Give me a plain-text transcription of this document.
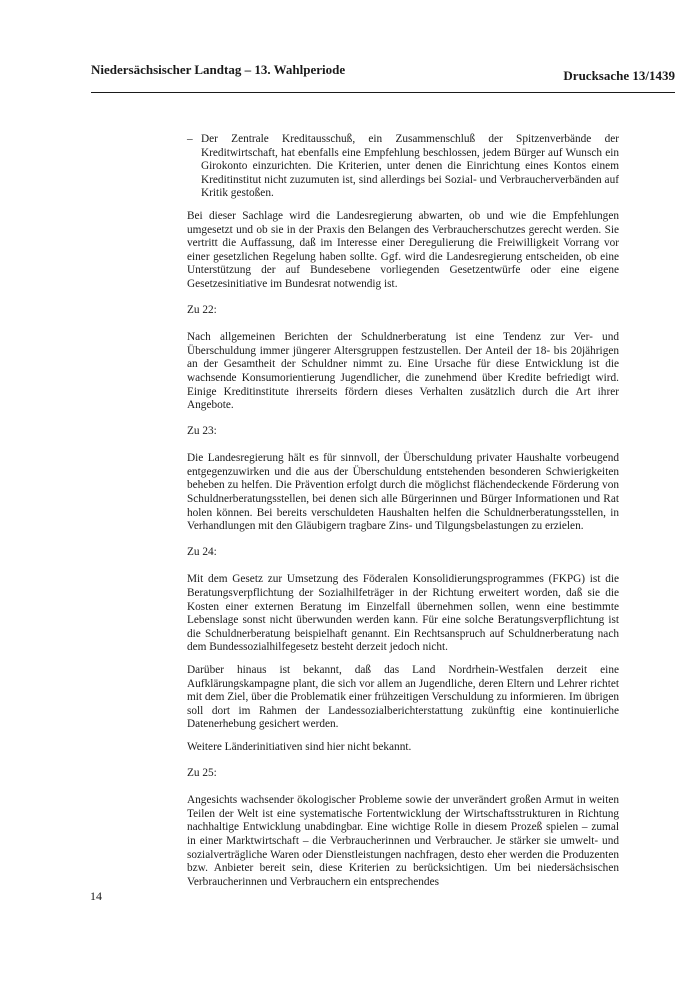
Niedersächsischer Landtag – 13. Wahlperiode	Drucksache 13/1439
– Der Zentrale Kreditausschuß, ein Zusammenschluß der Spitzenverbände der Kreditwirtschaft, hat ebenfalls eine Empfehlung beschlossen, jedem Bürger auf Wunsch ein Girokonto einzurichten. Die Kriterien, unter denen die Einrichtung eines Kontos einem Kreditinstitut nicht zuzumuten ist, sind allerdings bei Sozial- und Verbraucherverbänden auf Kritik gestoßen.

Bei dieser Sachlage wird die Landesregierung abwarten, ob und wie die Empfehlungen umgesetzt und ob sie in der Praxis den Belangen des Verbraucherschutzes gerecht werden. Sie vertritt die Auffassung, daß im Interesse einer Deregulierung die Freiwilligkeit Vorrang vor einer gesetzlichen Regelung haben sollte. Ggf. wird die Landesregierung entscheiden, ob eine Unterstützung der auf Bundesebene vorliegenden Gesetzentwürfe oder eine eigene Gesetzesinitiative im Bundesrat notwendig ist.

Zu 22:

Nach allgemeinen Berichten der Schuldnerberatung ist eine Tendenz zur Ver- und Überschuldung immer jüngerer Altersgruppen festzustellen. Der Anteil der 18- bis 20jährigen an der Gesamtheit der Schuldner nimmt zu. Eine Ursache für diese Entwicklung ist die wachsende Konsumorientierung Jugendlicher, die zunehmend über Kredite befriedigt wird. Einige Kreditinstitute ihrerseits fördern dieses Verhalten zusätzlich durch die Art ihrer Angebote.

Zu 23:

Die Landesregierung hält es für sinnvoll, der Überschuldung privater Haushalte vorbeugend entgegenzuwirken und die aus der Überschuldung entstehenden besonderen Schwierigkeiten beheben zu helfen. Die Prävention erfolgt durch die möglichst flächendeckende Förderung von Schuldnerberatungsstellen, bei denen sich alle Bürgerinnen und Bürger Informationen und Rat holen können. Bei bereits verschuldeten Haushalten helfen die Schuldnerberatungsstellen, in Verhandlungen mit den Gläubigern tragbare Zins- und Tilgungsbelastungen zu erzielen.

Zu 24:

Mit dem Gesetz zur Umsetzung des Föderalen Konsolidierungsprogrammes (FKPG) ist die Beratungsverpflichtung der Sozialhilfeträger in der Richtung erweitert worden, daß sie die Kosten einer externen Beratung im Einzelfall übernehmen sollen, wenn eine bestimmte Lebenslage sonst nicht überwunden werden kann. Für eine solche Beratungsverpflichtung ist die Schuldnerberatung beispielhaft genannt. Ein Rechtsanspruch auf Schuldnerberatung nach dem Bundessozialhilfegesetz besteht derzeit jedoch nicht.

Darüber hinaus ist bekannt, daß das Land Nordrhein-Westfalen derzeit eine Aufklärungskampagne plant, die sich vor allem an Jugendliche, deren Eltern und Lehrer richtet mit dem Ziel, über die Problematik einer frühzeitigen Verschuldung zu informieren. Im übrigen soll dort im Rahmen der Landessozialberichterstattung zukünftig eine kontinuierliche Datenerhebung gesichert werden.

Weitere Länderinitiativen sind hier nicht bekannt.

Zu 25:

Angesichts wachsender ökologischer Probleme sowie der unverändert großen Armut in weiten Teilen der Welt ist eine systematische Fortentwicklung der Wirtschaftsstrukturen in Richtung nachhaltige Entwicklung unabdingbar. Eine wichtige Rolle in diesem Prozeß spielen – zumal in einer Marktwirtschaft – die Verbraucherinnen und Verbraucher. Je stärker sie umwelt- und sozialverträgliche Waren oder Dienstleistungen nachfragen, desto eher werden die Produzenten bzw. Anbieter bereit sein, diese Kriterien zu berücksichtigen. Um bei niedersächsischen Verbraucherinnen und Verbrauchern ein entsprechendes

14
